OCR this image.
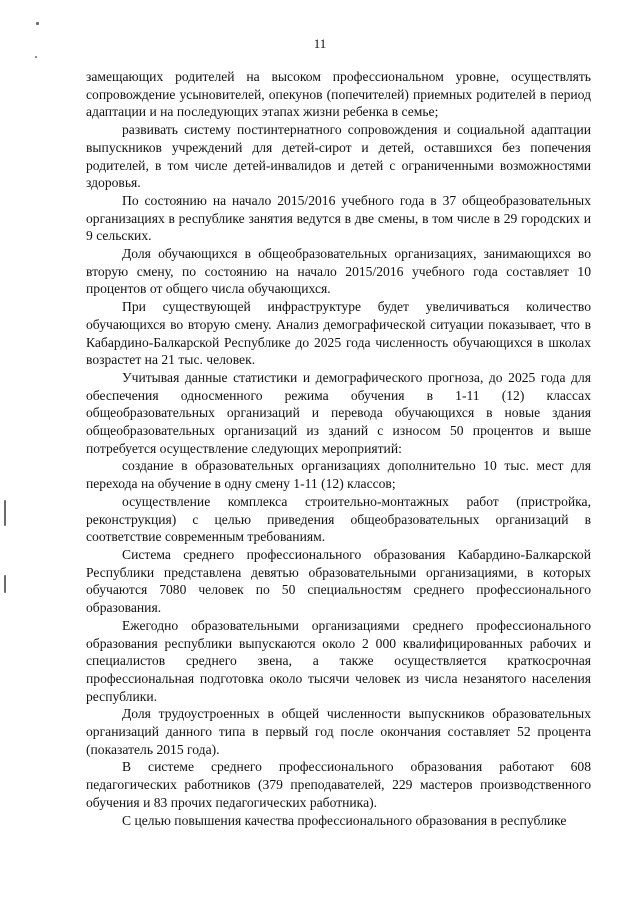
11

замещающих родителей на высоком профессиональном уровне, осуществлять сопровождение усыновителей, опекунов (попечителей) приемных родителей в период адаптации и на последующих этапах жизни ребенка в семье;

развивать систему постинтернатного сопровождения и социальной адаптации выпускников учреждений для детей-сирот и детей, оставшихся без попечения родителей, в том числе детей-инвалидов и детей с ограниченными возможностями здоровья.

По состоянию на начало 2015/2016 учебного года в 37 общеобразовательных организациях в республике занятия ведутся в две смены, в том числе в 29 городских и 9 сельских.

Доля обучающихся в общеобразовательных организациях, занимающихся во вторую смену, по состоянию на начало 2015/2016 учебного года составляет 10 процентов от общего числа обучающихся.

При существующей инфраструктуре будет увеличиваться количество обучающихся во вторую смену. Анализ демографической ситуации показывает, что в Кабардино-Балкарской Республике до 2025 года численность обучающихся в школах возрастет на 21 тыс. человек.

Учитывая данные статистики и демографического прогноза, до 2025 года для обеспечения односменного режима обучения в 1-11 (12) классах общеобразовательных организаций и перевода обучающихся в новые здания общеобразовательных организаций из зданий с износом 50 процентов и выше потребуется осуществление следующих мероприятий:

создание в образовательных организациях дополнительно 10 тыс. мест для перехода на обучение в одну смену 1-11 (12) классов;

осуществление комплекса строительно-монтажных работ (пристройка, реконструкция) с целью приведения общеобразовательных организаций в соответствие современным требованиям.

Система среднего профессионального образования Кабардино-Балкарской Республики представлена девятью образовательными организациями, в которых обучаются 7080 человек по 50 специальностям среднего профессионального образования.

Ежегодно образовательными организациями среднего профессионального образования республики выпускаются около 2 000 квалифицированных рабочих и специалистов среднего звена, а также осуществляется краткосрочная профессиональная подготовка около тысячи человек из числа незанятого населения республики.

Доля трудоустроенных в общей численности выпускников образовательных организаций данного типа в первый год после окончания составляет 52 процента (показатель 2015 года).

В системе среднего профессионального образования работают 608 педагогических работников (379 преподавателей, 229 мастеров производственного обучения и 83 прочих педагогических работника).

С целью повышения качества профессионального образования в республике
